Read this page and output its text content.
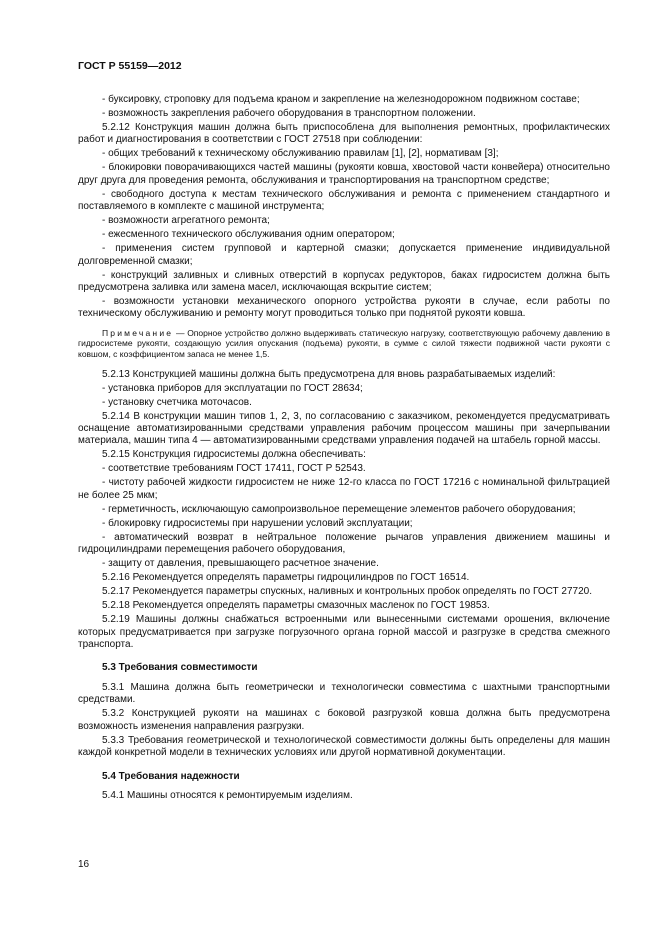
ГОСТ Р 55159—2012
- буксировку, строповку для подъема краном и закрепление на железнодорожном подвижном составе;
- возможность закрепления рабочего оборудования в транспортном положении.
5.2.12 Конструкция машин должна быть приспособлена для выполнения ремонтных, профилактических работ и диагностирования в соответствии с ГОСТ 27518 при соблюдении:
- общих требований к техническому обслуживанию правилам [1], [2], нормативам [3];
- блокировки поворачивающихся частей машины (рукояти ковша, хвостовой части конвейера) относительно друг друга для проведения ремонта, обслуживания и транспортирования на транспортном средстве;
- свободного доступа к местам технического обслуживания и ремонта с применением стандартного и поставляемого в комплекте с машиной инструмента;
- возможности агрегатного ремонта;
- ежесменного технического обслуживания одним оператором;
- применения систем групповой и картерной смазки; допускается применение индивидуальной долговременной смазки;
- конструкций заливных и сливных отверстий в корпусах редукторов, баках гидросистем должна быть предусмотрена заливка или замена масел, исключающая вскрытие систем;
- возможности установки механического опорного устройства рукояти в случае, если работы по техническому обслуживанию и ремонту могут проводиться только при поднятой рукояти ковша.
Примечание — Опорное устройство должно выдерживать статическую нагрузку, соответствующую рабочему давлению в гидросистеме рукояти, создающую усилия опускания (подъема) рукояти, в сумме с силой тяжести подвижной части рукояти с ковшом, с коэффициентом запаса не менее 1,5.
5.2.13 Конструкцией машины должна быть предусмотрена для вновь разрабатываемых изделий:
- установка приборов для эксплуатации по ГОСТ 28634;
- установку счетчика моточасов.
5.2.14 В конструкции машин типов 1, 2, 3, по согласованию с заказчиком, рекомендуется предусматривать оснащение автоматизированными средствами управления рабочим процессом машины при зачерпывании материала, машин типа 4 — автоматизированными средствами управления подачей на штабель горной массы.
5.2.15 Конструкция гидросистемы должна обеспечивать:
- соответствие требованиям ГОСТ 17411, ГОСТ Р 52543.
- чистоту рабочей жидкости гидросистем не ниже 12-го класса по ГОСТ 17216 с номинальной фильтрацией не более 25 мкм;
- герметичность, исключающую самопроизвольное перемещение элементов рабочего оборудования;
- блокировку гидросистемы при нарушении условий эксплуатации;
- автоматический возврат в нейтральное положение рычагов управления движением машины и гидроцилиндрами перемещения рабочего оборудования,
- защиту от давления, превышающего расчетное значение.
5.2.16 Рекомендуется определять параметры гидроцилиндров по ГОСТ 16514.
5.2.17 Рекомендуется параметры спускных, наливных и контрольных пробок определять по ГОСТ 27720.
5.2.18 Рекомендуется определять параметры смазочных масленок по ГОСТ 19853.
5.2.19 Машины должны снабжаться встроенными или вынесенными системами орошения, включение которых предусматривается при загрузке погрузочного органа горной массой и разгрузке в средства смежного транспорта.
5.3 Требования совместимости
5.3.1 Машина должна быть геометрически и технологически совместима с шахтными транспортными средствами.
5.3.2 Конструкцией рукояти на машинах с боковой разгрузкой ковша должна быть предусмотрена возможность изменения направления разгрузки.
5.3.3 Требования геометрической и технологической совместимости должны быть определены для машин каждой конкретной модели в технических условиях или другой нормативной документации.
5.4 Требования надежности
5.4.1 Машины относятся к ремонтируемым изделиям.
16
